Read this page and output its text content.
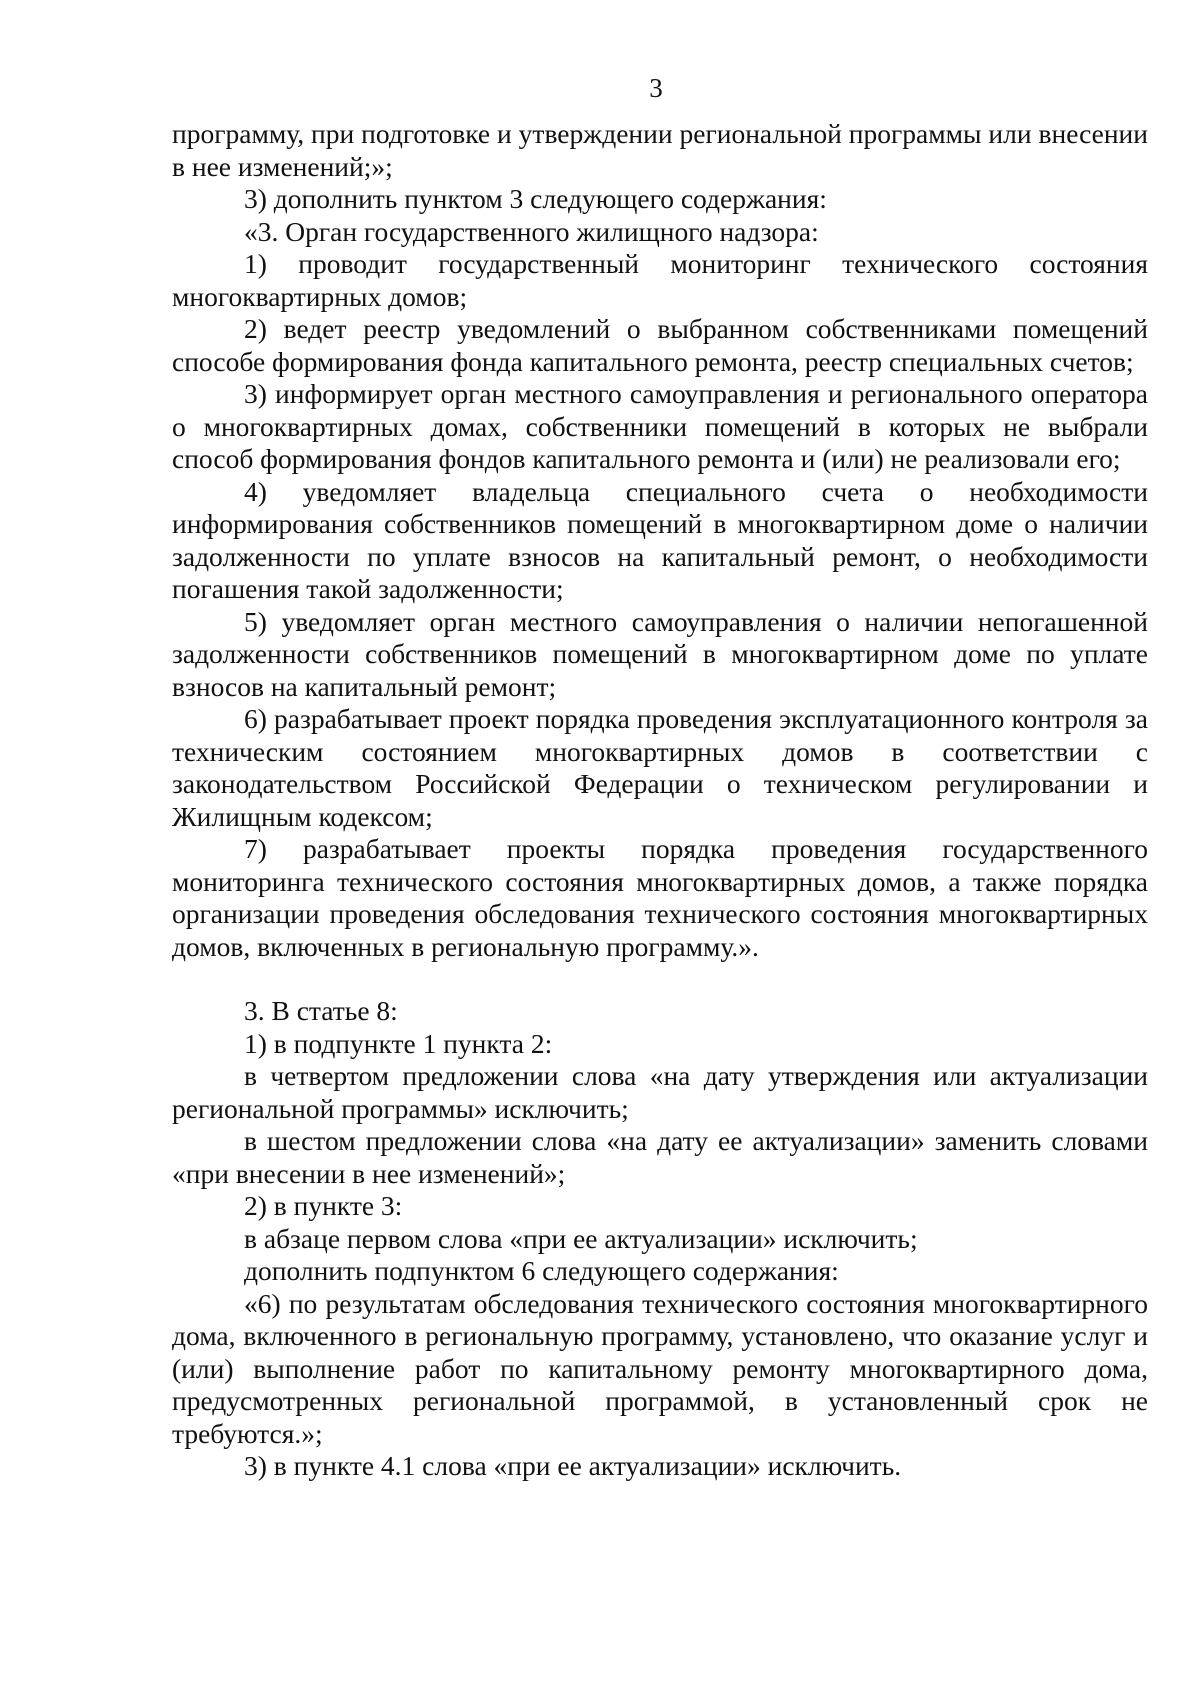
3

программу, при подготовке и утверждении региональной программы или внесении в нее изменений;»;

3) дополнить пунктом 3 следующего содержания:

«3. Орган государственного жилищного надзора:

1) проводит государственный мониторинг технического состояния многоквартирных домов;

2) ведет реестр уведомлений о выбранном собственниками помещений способе формирования фонда капитального ремонта, реестр специальных счетов;

3) информирует орган местного самоуправления и регионального оператора о многоквартирных домах, собственники помещений в которых не выбрали способ формирования фондов капитального ремонта и (или) не реализовали его;

4) уведомляет владельца специального счета о необходимости информирования собственников помещений в многоквартирном доме о наличии задолженности по уплате взносов на капитальный ремонт, о необходимости погашения такой задолженности;

5) уведомляет орган местного самоуправления о наличии непогашенной задолженности собственников помещений в многоквартирном доме по уплате взносов на капитальный ремонт;

6) разрабатывает проект порядка проведения эксплуатационного контроля за техническим состоянием многоквартирных домов в соответствии с законодательством Российской Федерации о техническом регулировании и Жилищным кодексом;

7) разрабатывает проекты порядка проведения государственного мониторинга технического состояния многоквартирных домов, а также порядка организации проведения обследования технического состояния многоквартирных домов, включенных в региональную программу.».

3. В статье 8:

1) в подпункте 1 пункта 2:

в четвертом предложении слова «на дату утверждения или актуализации региональной программы» исключить;

в шестом предложении слова «на дату ее актуализации» заменить словами «при внесении в нее изменений»;

2) в пункте 3:

в абзаце первом слова «при ее актуализации» исключить;

дополнить подпунктом 6 следующего содержания:

«6) по результатам обследования технического состояния многоквартирного дома, включенного в региональную программу, установлено, что оказание услуг и (или) выполнение работ по капитальному ремонту многоквартирного дома, предусмотренных региональной программой, в установленный срок не требуются.»;

3) в пункте 4.1 слова «при ее актуализации» исключить.
